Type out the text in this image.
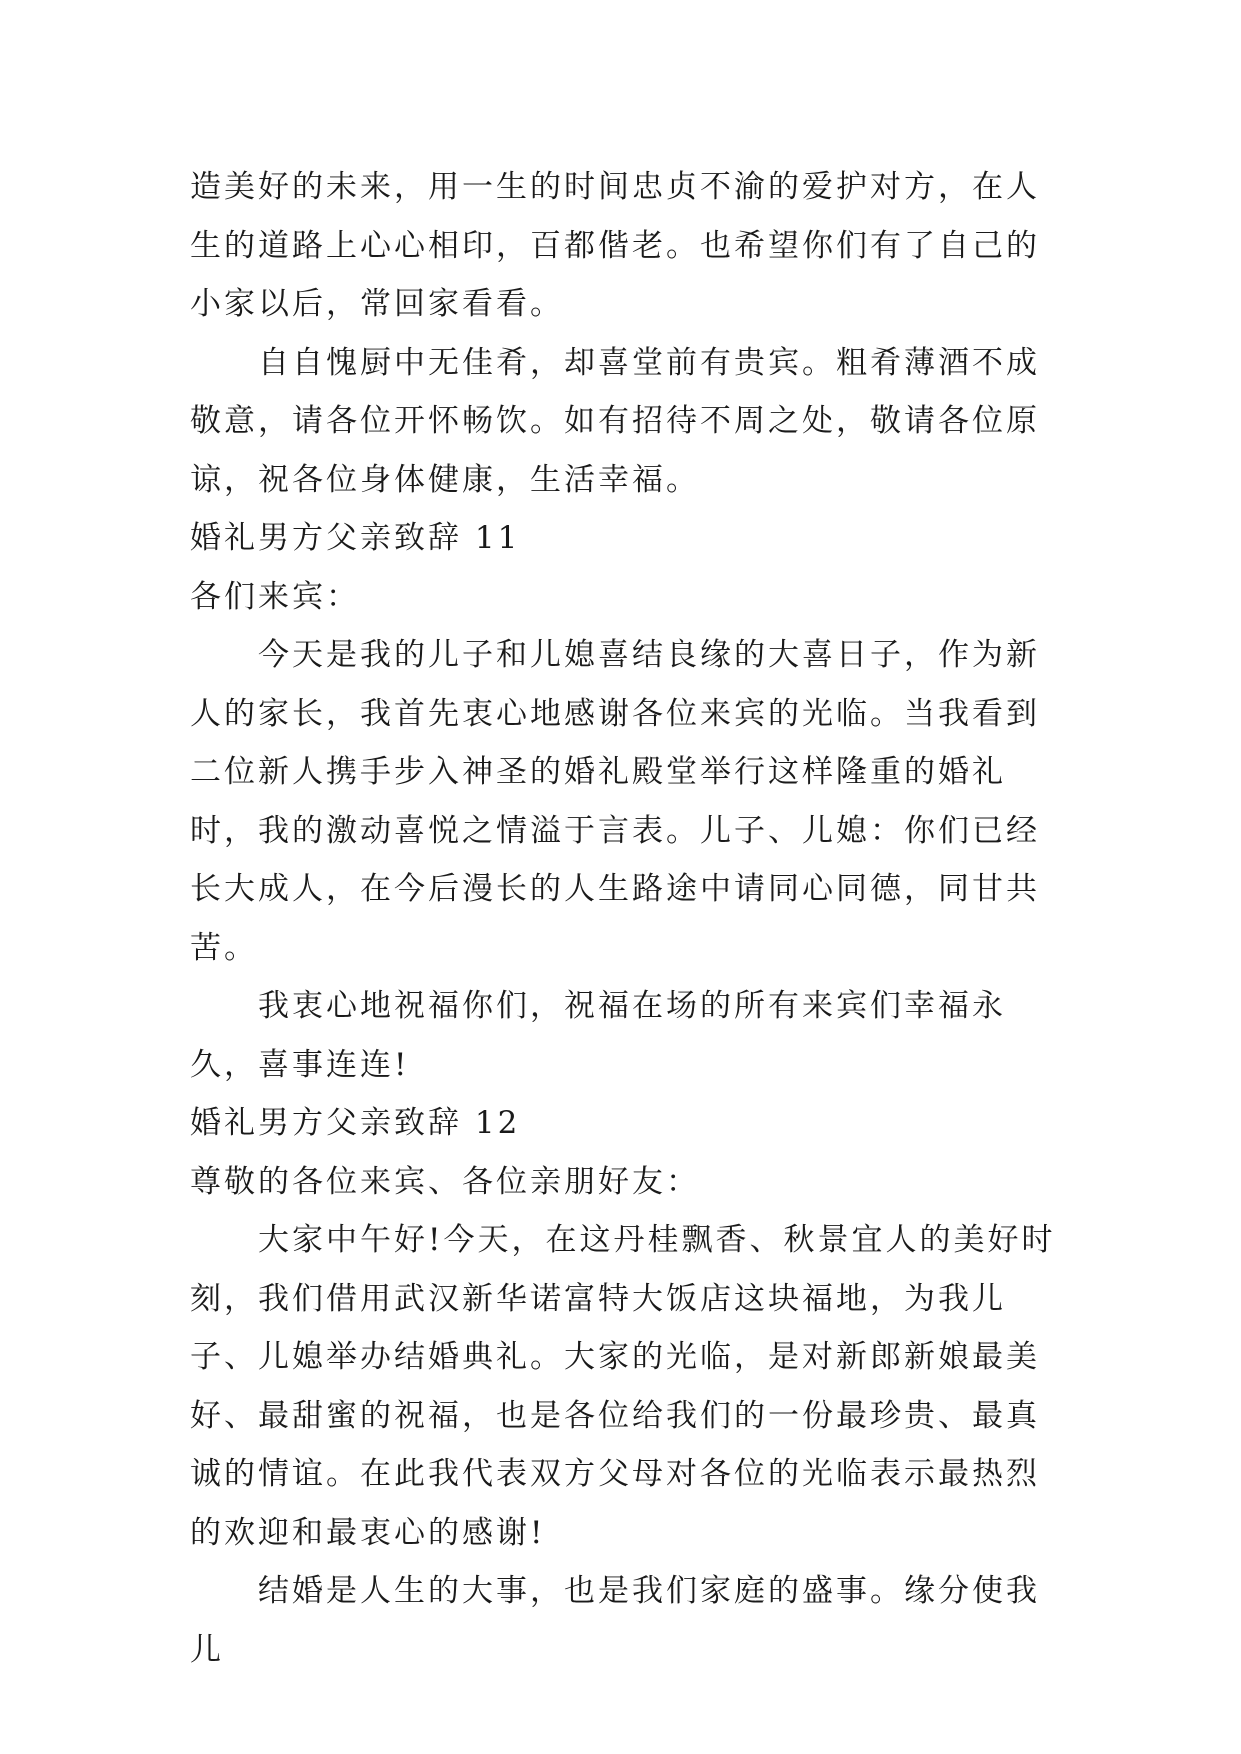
造美好的未来，用一生的时间忠贞不渝的爱护对方，在人生的道路上心心相印，百都偕老。也希望你们有了自己的小家以后，常回家看看。

自自愧厨中无佳肴，却喜堂前有贵宾。粗肴薄酒不成敬意，请各位开怀畅饮。如有招待不周之处，敬请各位原谅，祝各位身体健康，生活幸福。

婚礼男方父亲致辞 11

各们来宾：

今天是我的儿子和儿媳喜结良缘的大喜日子，作为新人的家长，我首先衷心地感谢各位来宾的光临。当我看到二位新人携手步入神圣的婚礼殿堂举行这样隆重的婚礼时，我的激动喜悦之情溢于言表。儿子、儿媳：你们已经长大成人，在今后漫长的人生路途中请同心同德，同甘共苦。

我衷心地祝福你们，祝福在场的所有来宾们幸福永久，喜事连连!

婚礼男方父亲致辞 12

尊敬的各位来宾、各位亲朋好友：

大家中午好!今天，在这丹桂飘香、秋景宜人的美好时刻，我们借用武汉新华诺富特大饭店这块福地，为我儿子、儿媳举办结婚典礼。大家的光临，是对新郎新娘最美好、最甜蜜的祝福，也是各位给我们的一份最珍贵、最真诚的情谊。在此我代表双方父母对各位的光临表示最热烈的欢迎和最衷心的感谢!

结婚是人生的大事，也是我们家庭的盛事。缘分使我儿
